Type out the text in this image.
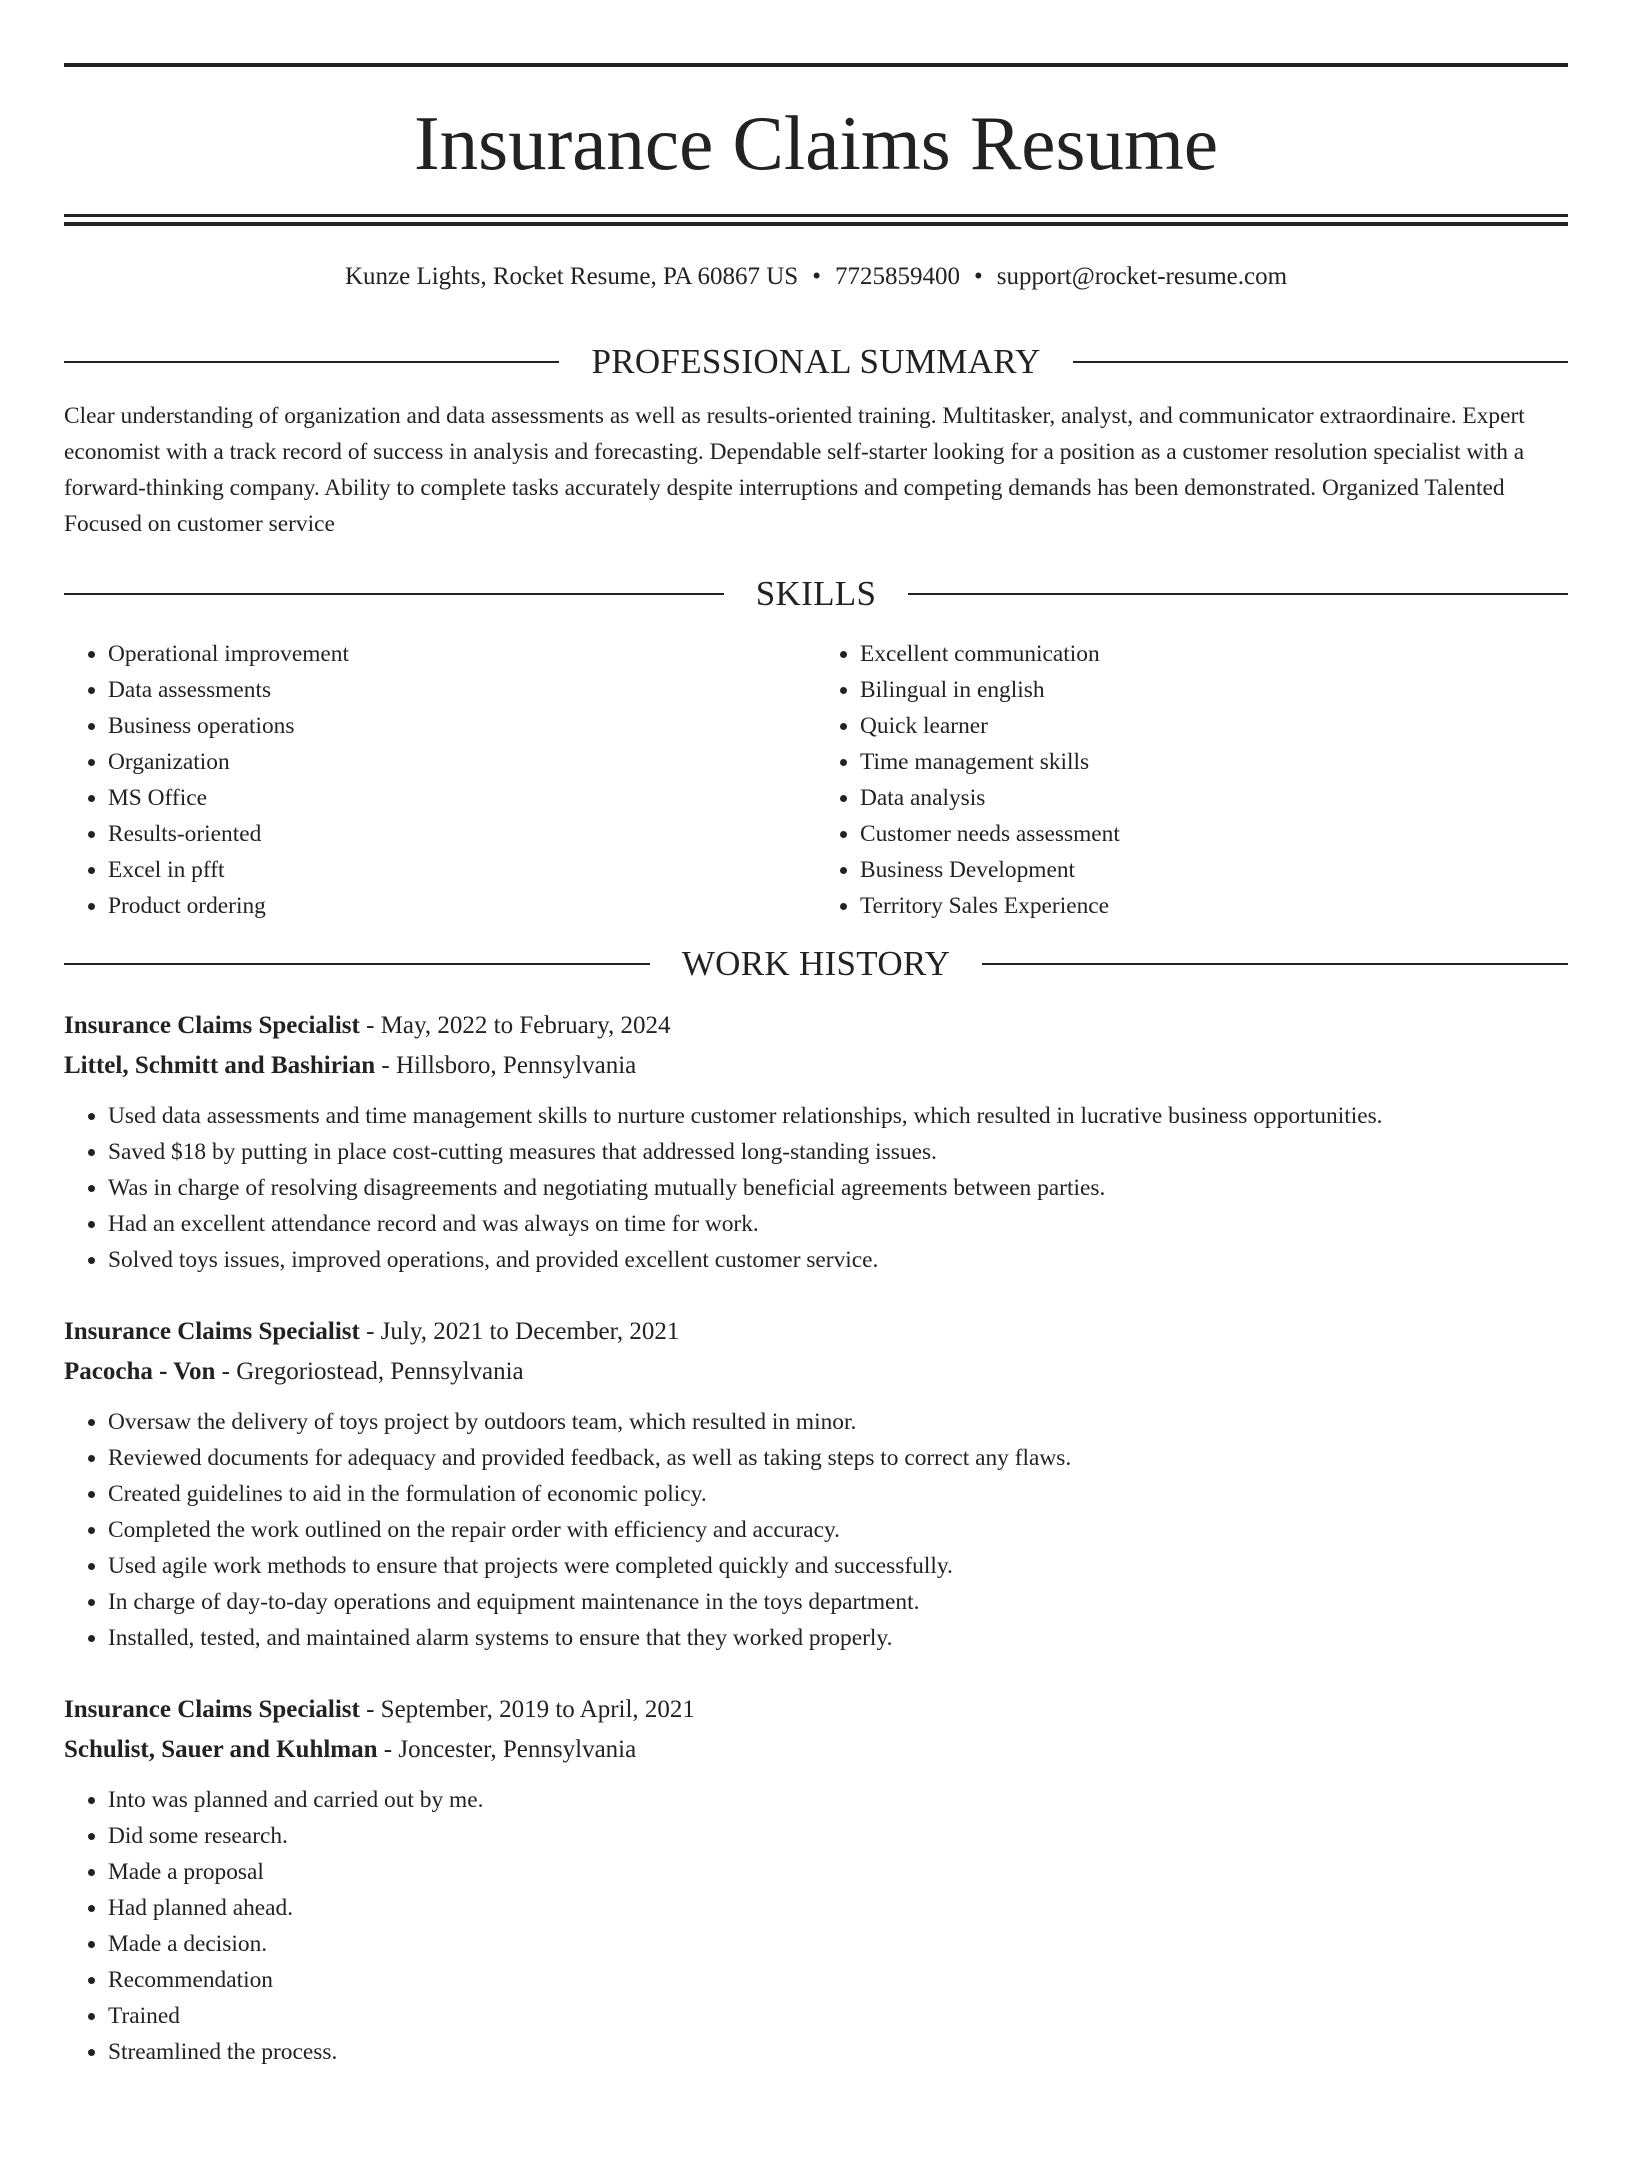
Insurance Claims Resume
Kunze Lights, Rocket Resume, PA 60867 US • 7725859400 • support@rocket-resume.com
PROFESSIONAL SUMMARY

Clear understanding of organization and data assessments as well as results-oriented training. Multitasker, analyst, and communicator extraordinaire. Expert economist with a track record of success in analysis and forecasting. Dependable self-starter looking for a position as a customer resolution specialist with a forward-thinking company. Ability to complete tasks accurately despite interruptions and competing demands has been demonstrated. Organized Talented Focused on customer service

SKILLS
• Operational improvement
• Data assessments
• Business operations
• Organization
• MS Office
• Results-oriented
• Excel in pfft
• Product ordering
• Excellent communication
• Bilingual in english
• Quick learner
• Time management skills
• Data analysis
• Customer needs assessment
• Business Development
• Territory Sales Experience
WORK HISTORY
Insurance Claims Specialist - May, 2022 to February, 2024
Littel, Schmitt and Bashirian - Hillsboro, Pennsylvania
• Used data assessments and time management skills to nurture customer relationships, which resulted in lucrative business opportunities.
• Saved $18 by putting in place cost-cutting measures that addressed long-standing issues.
• Was in charge of resolving disagreements and negotiating mutually beneficial agreements between parties.
• Had an excellent attendance record and was always on time for work.
• Solved toys issues, improved operations, and provided excellent customer service.
Insurance Claims Specialist - July, 2021 to December, 2021
Pacocha - Von - Gregoriostead, Pennsylvania
• Oversaw the delivery of toys project by outdoors team, which resulted in minor.
• Reviewed documents for adequacy and provided feedback, as well as taking steps to correct any flaws.
• Created guidelines to aid in the formulation of economic policy.
• Completed the work outlined on the repair order with efficiency and accuracy.
• Used agile work methods to ensure that projects were completed quickly and successfully.
• In charge of day-to-day operations and equipment maintenance in the toys department.
• Installed, tested, and maintained alarm systems to ensure that they worked properly.
Insurance Claims Specialist - September, 2019 to April, 2021
Schulist, Sauer and Kuhlman - Joncester, Pennsylvania
• Into was planned and carried out by me.
• Did some research.
• Made a proposal
• Had planned ahead.
• Made a decision.
• Recommendation
• Trained
• Streamlined the process.
